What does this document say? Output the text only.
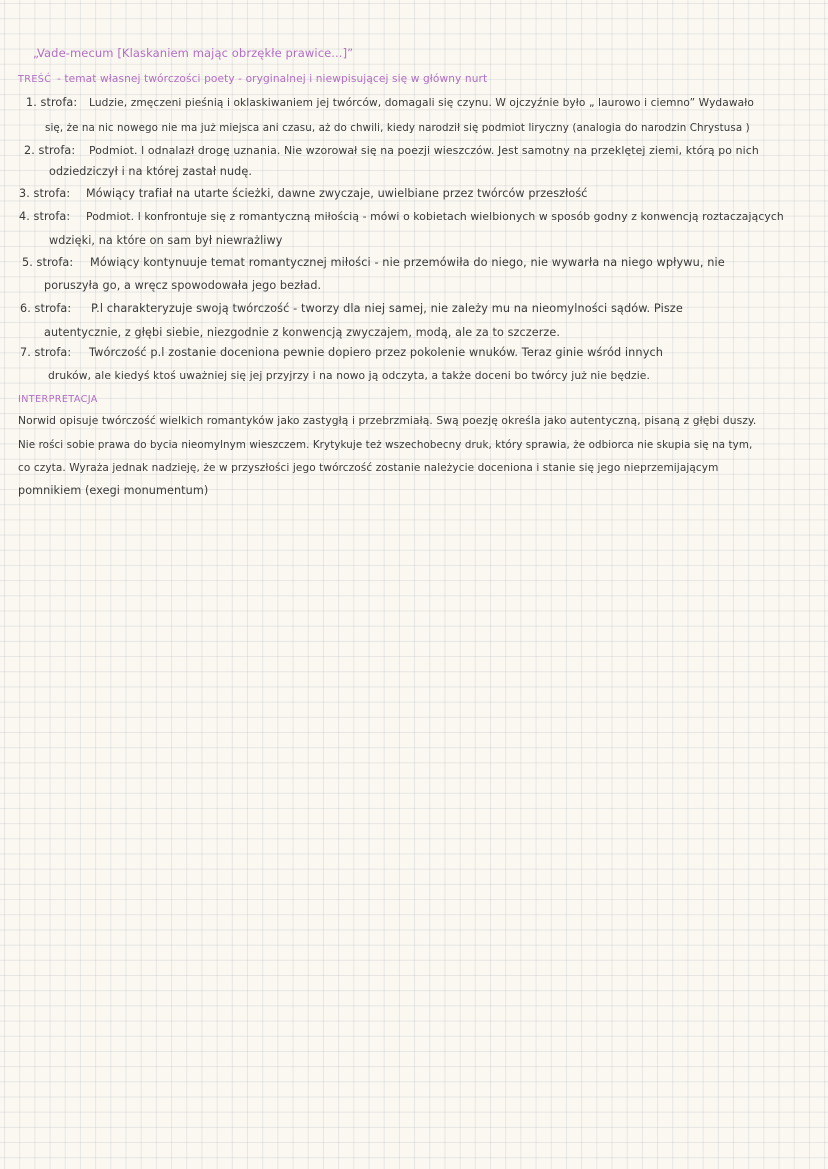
„Vade-mecum [Klaskaniem mając obrzękłe prawice...]”
TREŚĆ - temat własnej twórczości poety - oryginalnej i niewpisującej się w główny nurt
1. strofa: Ludzie, zmęczeni pieśnią i oklaskiwaniem jej twórców, domagali się czynu. W ojczyźnie było „ laurowo i ciemno” Wydawało
się, że na nic nowego nie ma już miejsca ani czasu, aż do chwili, kiedy narodził się podmiot liryczny (analogia do narodzin Chrystusa )
2. strofa: Podmiot. l odnalazł drogę uznania. Nie wzorował się na poezji wieszczów. Jest samotny na przeklętej ziemi, którą po nich
odziedziczył i na której zastał nudę.
3. strofa: Mówiący trafiał na utarte ścieżki, dawne zwyczaje, uwielbiane przez twórców przeszłość
4. strofa: Podmiot. l konfrontuje się z romantyczną miłością - mówi o kobietach wielbionych w sposób godny z konwencją roztaczających
wdzięki, na które on sam był niewrażliwy
5. strofa: Mówiący kontynuuje temat romantycznej miłości - nie przemówiła do niego, nie wywarła na niego wpływu, nie
poruszyła go, a wręcz spowodowała jego bezład.
6. strofa: P.l charakteryzuje swoją twórczość - tworzy dla niej samej, nie zależy mu na nieomylności sądów. Pisze
autentycznie, z głębi siebie, niezgodnie z konwencją zwyczajem, modą, ale za to szczerze.
7. strofa: Twórczość p.l zostanie doceniona pewnie dopiero przez pokolenie wnuków. Teraz ginie wśród innych
druków, ale kiedyś ktoś uważniej się jej przyjrzy i na nowo ją odczyta, a także doceni bo twórcy już nie będzie.
INTERPRETACJA
Norwid opisuje twórczość wielkich romantyków jako zastygłą i przebrzmiałą. Swą poezję określa jako autentyczną, pisaną z głębi duszy.
Nie rości sobie prawa do bycia nieomylnym wieszczem. Krytykuje też wszechobecny druk, który sprawia, że odbiorca nie skupia się na tym,
co czyta. Wyraża jednak nadzieję, że w przyszłości jego twórczość zostanie należycie doceniona i stanie się jego nieprzemijającym
pomnikiem (exegi monumentum)
